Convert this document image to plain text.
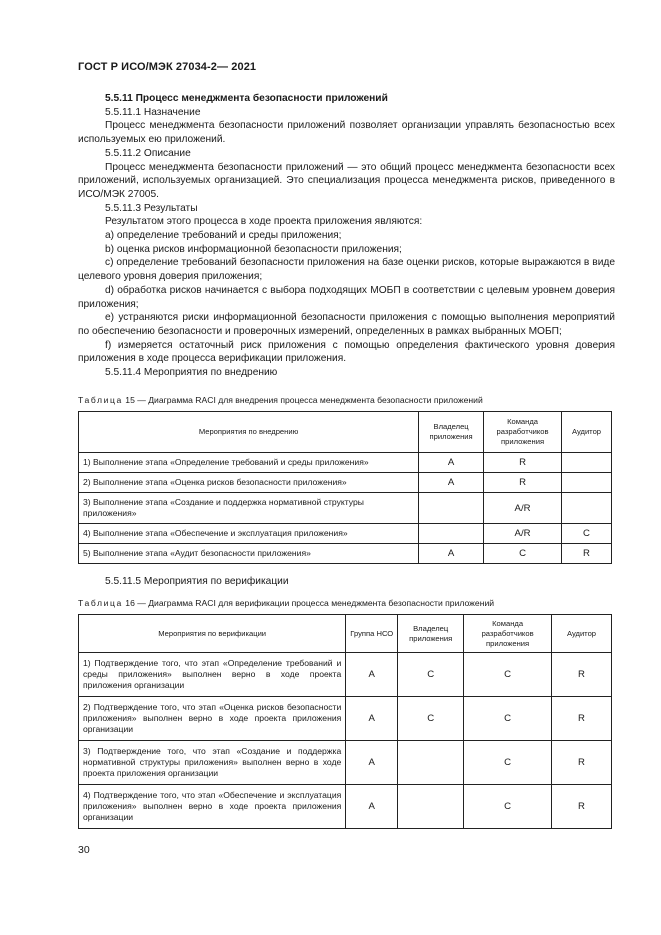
ГОСТ Р ИСО/МЭК 27034-2— 2021

5.5.11 Процесс менеджмента безопасности приложений

5.5.11.1 Назначение

Процесс менеджмента безопасности приложений позволяет организации управлять безопасностью всех используемых ею приложений.

5.5.11.2 Описание

Процесс менеджмента безопасности приложений — это общий процесс менеджмента безопасности всех приложений, используемых организацией. Это специализация процесса менеджмента рисков, приведенного в ИСО/МЭК 27005.

5.5.11.3 Результаты

Результатом этого процесса в ходе проекта приложения являются:

a) определение требований и среды приложения;

b) оценка рисков информационной безопасности приложения;

c) определение требований безопасности приложения на базе оценки рисков, которые выражаются в виде целевого уровня доверия приложения;

d) обработка рисков начинается с выбора подходящих МОБП в соответствии с целевым уровнем доверия приложения;

e) устраняются риски информационной безопасности приложения с помощью выполнения мероприятий по обеспечению безопасности и проверочных измерений, определенных в рамках выбранных МОБП;

f) измеряется остаточный риск приложения с помощью определения фактического уровня доверия приложения в ходе процесса верификации приложения.

5.5.11.4 Мероприятия по внедрению

Таблица 15 — Диаграмма RACI для внедрения процесса менеджмента безопасности приложений
Мероприятия по внедрению	Владелец приложения	Команда разработчиков приложения	Аудитор
1) Выполнение этапа «Определение требований и среды приложения»	A	R	
2) Выполнение этапа «Оценка рисков безопасности приложения»	A	R	
3) Выполнение этапа «Создание и поддержка нормативной структуры приложения»		A/R	
4) Выполнение этапа «Обеспечение и эксплуатация приложения»		A/R	C
5) Выполнение этапа «Аудит безопасности приложения»	A	C	R

5.5.11.5 Мероприятия по верификации

Таблица 16 — Диаграмма RACI для верификации процесса менеджмента безопасности приложений
Мероприятия по верификации	Группа НСО	Владелец приложения	Команда разработчиков приложения	Аудитор
1) Подтверждение того, что этап «Определение требований и среды приложения» выполнен верно в ходе проекта приложения организации	A	C	C	R
2) Подтверждение того, что этап «Оценка рисков безопасности приложения» выполнен верно в ходе проекта приложения организации	A	C	C	R
3) Подтверждение того, что этап «Создание и поддержка нормативной структуры приложения» выполнен верно в ходе проекта приложения организации	A		C	R
4) Подтверждение того, что этап «Обеспечение и эксплуатация приложения» выполнен верно в ходе проекта приложения организации	A		C	R
30
